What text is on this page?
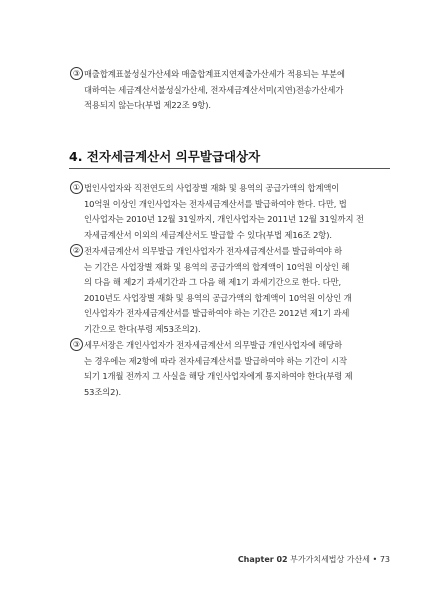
③ 매출합계표불성실가산세와 매출합계표지연제출가산세가 적용되는 부분에
대하여는 세금계산서불성실가산세, 전자세금계산서미(지연)전송가산세가
적용되지 않는다(부법 제22조 9항).
4. 전자세금계산서 의무발급대상자
① 법인사업자와 직전연도의 사업장별 재화 및 용역의 공급가액의 합계액이
10억원 이상인 개인사업자는 전자세금계산서를 발급하여야 한다. 다만, 법
인사업자는 2010년 12월 31일까지, 개인사업자는 2011년 12월 31일까지 전
자세금계산서 이외의 세금계산서도 발급할 수 있다(부법 제16조 2항).
② 전자세금계산서 의무발급 개인사업자가 전자세금계산서를 발급하여야 하
는 기간은 사업장별 재화 및 용역의 공급가액의 합계액이 10억원 이상인 해
의 다음 해 제2기 과세기간과 그 다음 해 제1기 과세기간으로 한다. 다만,
2010년도 사업장별 재화 및 용역의 공급가액의 합계액이 10억원 이상인 개
인사업자가 전자세금계산서를 발급하여야 하는 기간은 2012년 제1기 과세
기간으로 한다(부령 제53조의2).
③ 세무서장은 개인사업자가 전자세금계산서 의무발급 개인사업자에 해당하
는 경우에는 제2항에 따라 전자세금계산서를 발급하여야 하는 기간이 시작
되기 1개월 전까지 그 사실을 해당 개인사업자에게 통지하여야 한다(부령 제
53조의2).
Chapter 02 부가가치세법상 가산세 • 73
